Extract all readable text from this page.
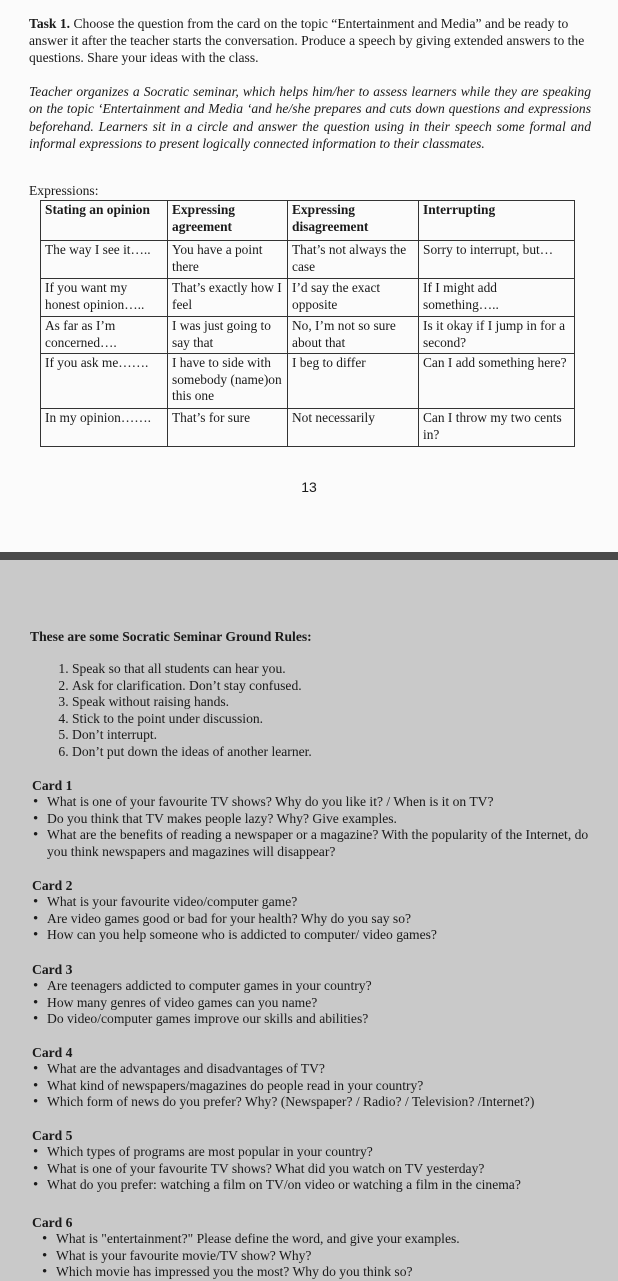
Task 1. Choose the question from the card on the topic “Entertainment and Media” and be ready to answer it after the teacher starts the conversation. Produce a speech by giving extended answers to the questions. Share your ideas with the class.
Teacher organizes a Socratic seminar, which helps him/her to assess learners while they are speaking on the topic ‘Entertainment and Media ‘and he/she prepares and cuts down questions and expressions beforehand. Learners sit in a circle and answer the question using in their speech some formal and informal expressions to present logically connected information to their classmates.
Expressions:
Stating an opinion	Expressing agreement	Expressing disagreement	Interrupting
The way I see it…..	You have a point there	That’s not always the case	Sorry to interrupt, but…
If you want my honest opinion…..	That’s exactly how I feel	I’d say the exact opposite	If I might add something…..
As far as I’m concerned….	I was just going to say that	No, I’m not so sure about that	Is it okay if I jump in for a second?
If you ask me…….	I have to side with somebody (name)on this one	I beg to differ	Can I add something here?
In my opinion…….	That’s for sure	Not necessarily	Can I throw my two cents in?
13
These are some Socratic Seminar Ground Rules:
1. Speak so that all students can hear you.
2. Ask for clarification. Don’t stay confused.
3. Speak without raising hands.
4. Stick to the point under discussion.
5. Don’t interrupt.
6. Don’t put down the ideas of another learner.
Card 1
• What is one of your favourite TV shows? Why do you like it? / When is it on TV?
• Do you think that TV makes people lazy? Why? Give examples.
• What are the benefits of reading a newspaper or a magazine? With the popularity of the Internet, do you think newspapers and magazines will disappear?
Card 2
• What is your favourite video/computer game?
• Are video games good or bad for your health? Why do you say so?
• How can you help someone who is addicted to computer/ video games?
Card 3
• Are teenagers addicted to computer games in your country?
• How many genres of video games can you name?
• Do video/computer games improve our skills and abilities?
Card 4
• What are the advantages and disadvantages of TV?
• What kind of newspapers/magazines do people read in your country?
• Which form of news do you prefer? Why? (Newspaper? / Radio? / Television? /Internet?)
Card 5
• Which types of programs are most popular in your country?
• What is one of your favourite TV shows? What did you watch on TV yesterday?
• What do you prefer: watching a film on TV/on video or watching a film in the cinema?
Card 6
• What is "entertainment?" Please define the word, and give your examples.
• What is your favourite movie/TV show? Why?
• Which movie has impressed you the most? Why do you think so?
